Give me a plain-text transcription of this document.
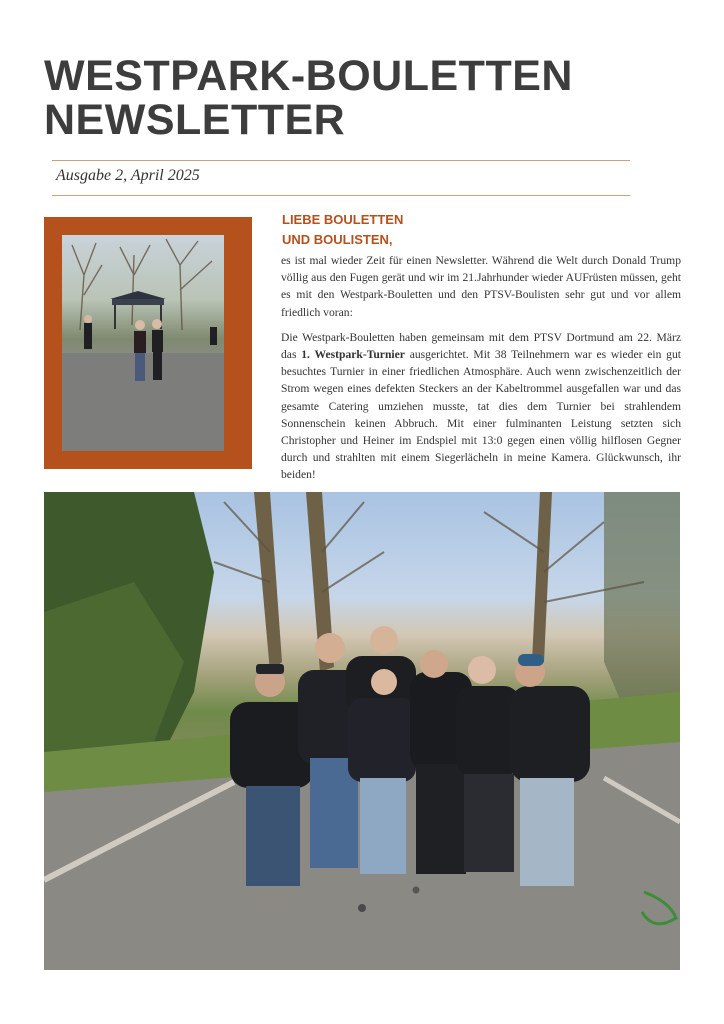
WESTPARK-BOULETTEN
NEWSLETTER
Ausgabe 2, April 2025
LIEBE BOULETTEN
UND BOULISTEN,

es ist mal wieder Zeit für einen Newsletter. Während die Welt durch Donald Trump völlig aus den Fugen gerät und wir im 21.Jahrhunder wieder AUFrüsten müssen, geht es mit den Westpark-Bouletten und den PTSV-Boulisten sehr gut und vor allem friedlich voran:

Die Westpark-Bouletten haben gemeinsam mit dem PTSV Dortmund am 22. März das 1. Westpark-Turnier ausgerichtet. Mit 38 Teilnehmern war es wieder ein gut besuchtes Turnier in einer friedlichen Atmosphäre. Auch wenn zwischenzeitlich der Strom wegen eines defekten Steckers an der Kabeltrommel ausgefallen war und das gesamte Catering umziehen musste, tat dies dem Turnier bei strahlendem Sonnenschein keinen Abbruch. Mit einer fulminanten Leistung setzten sich Christopher und Heiner im Endspiel mit 13:0 gegen einen völlig hilflosen Gegner durch und strahlten mit einem Siegerlächeln in meine Kamera. Glückwunsch, ihr beiden!
